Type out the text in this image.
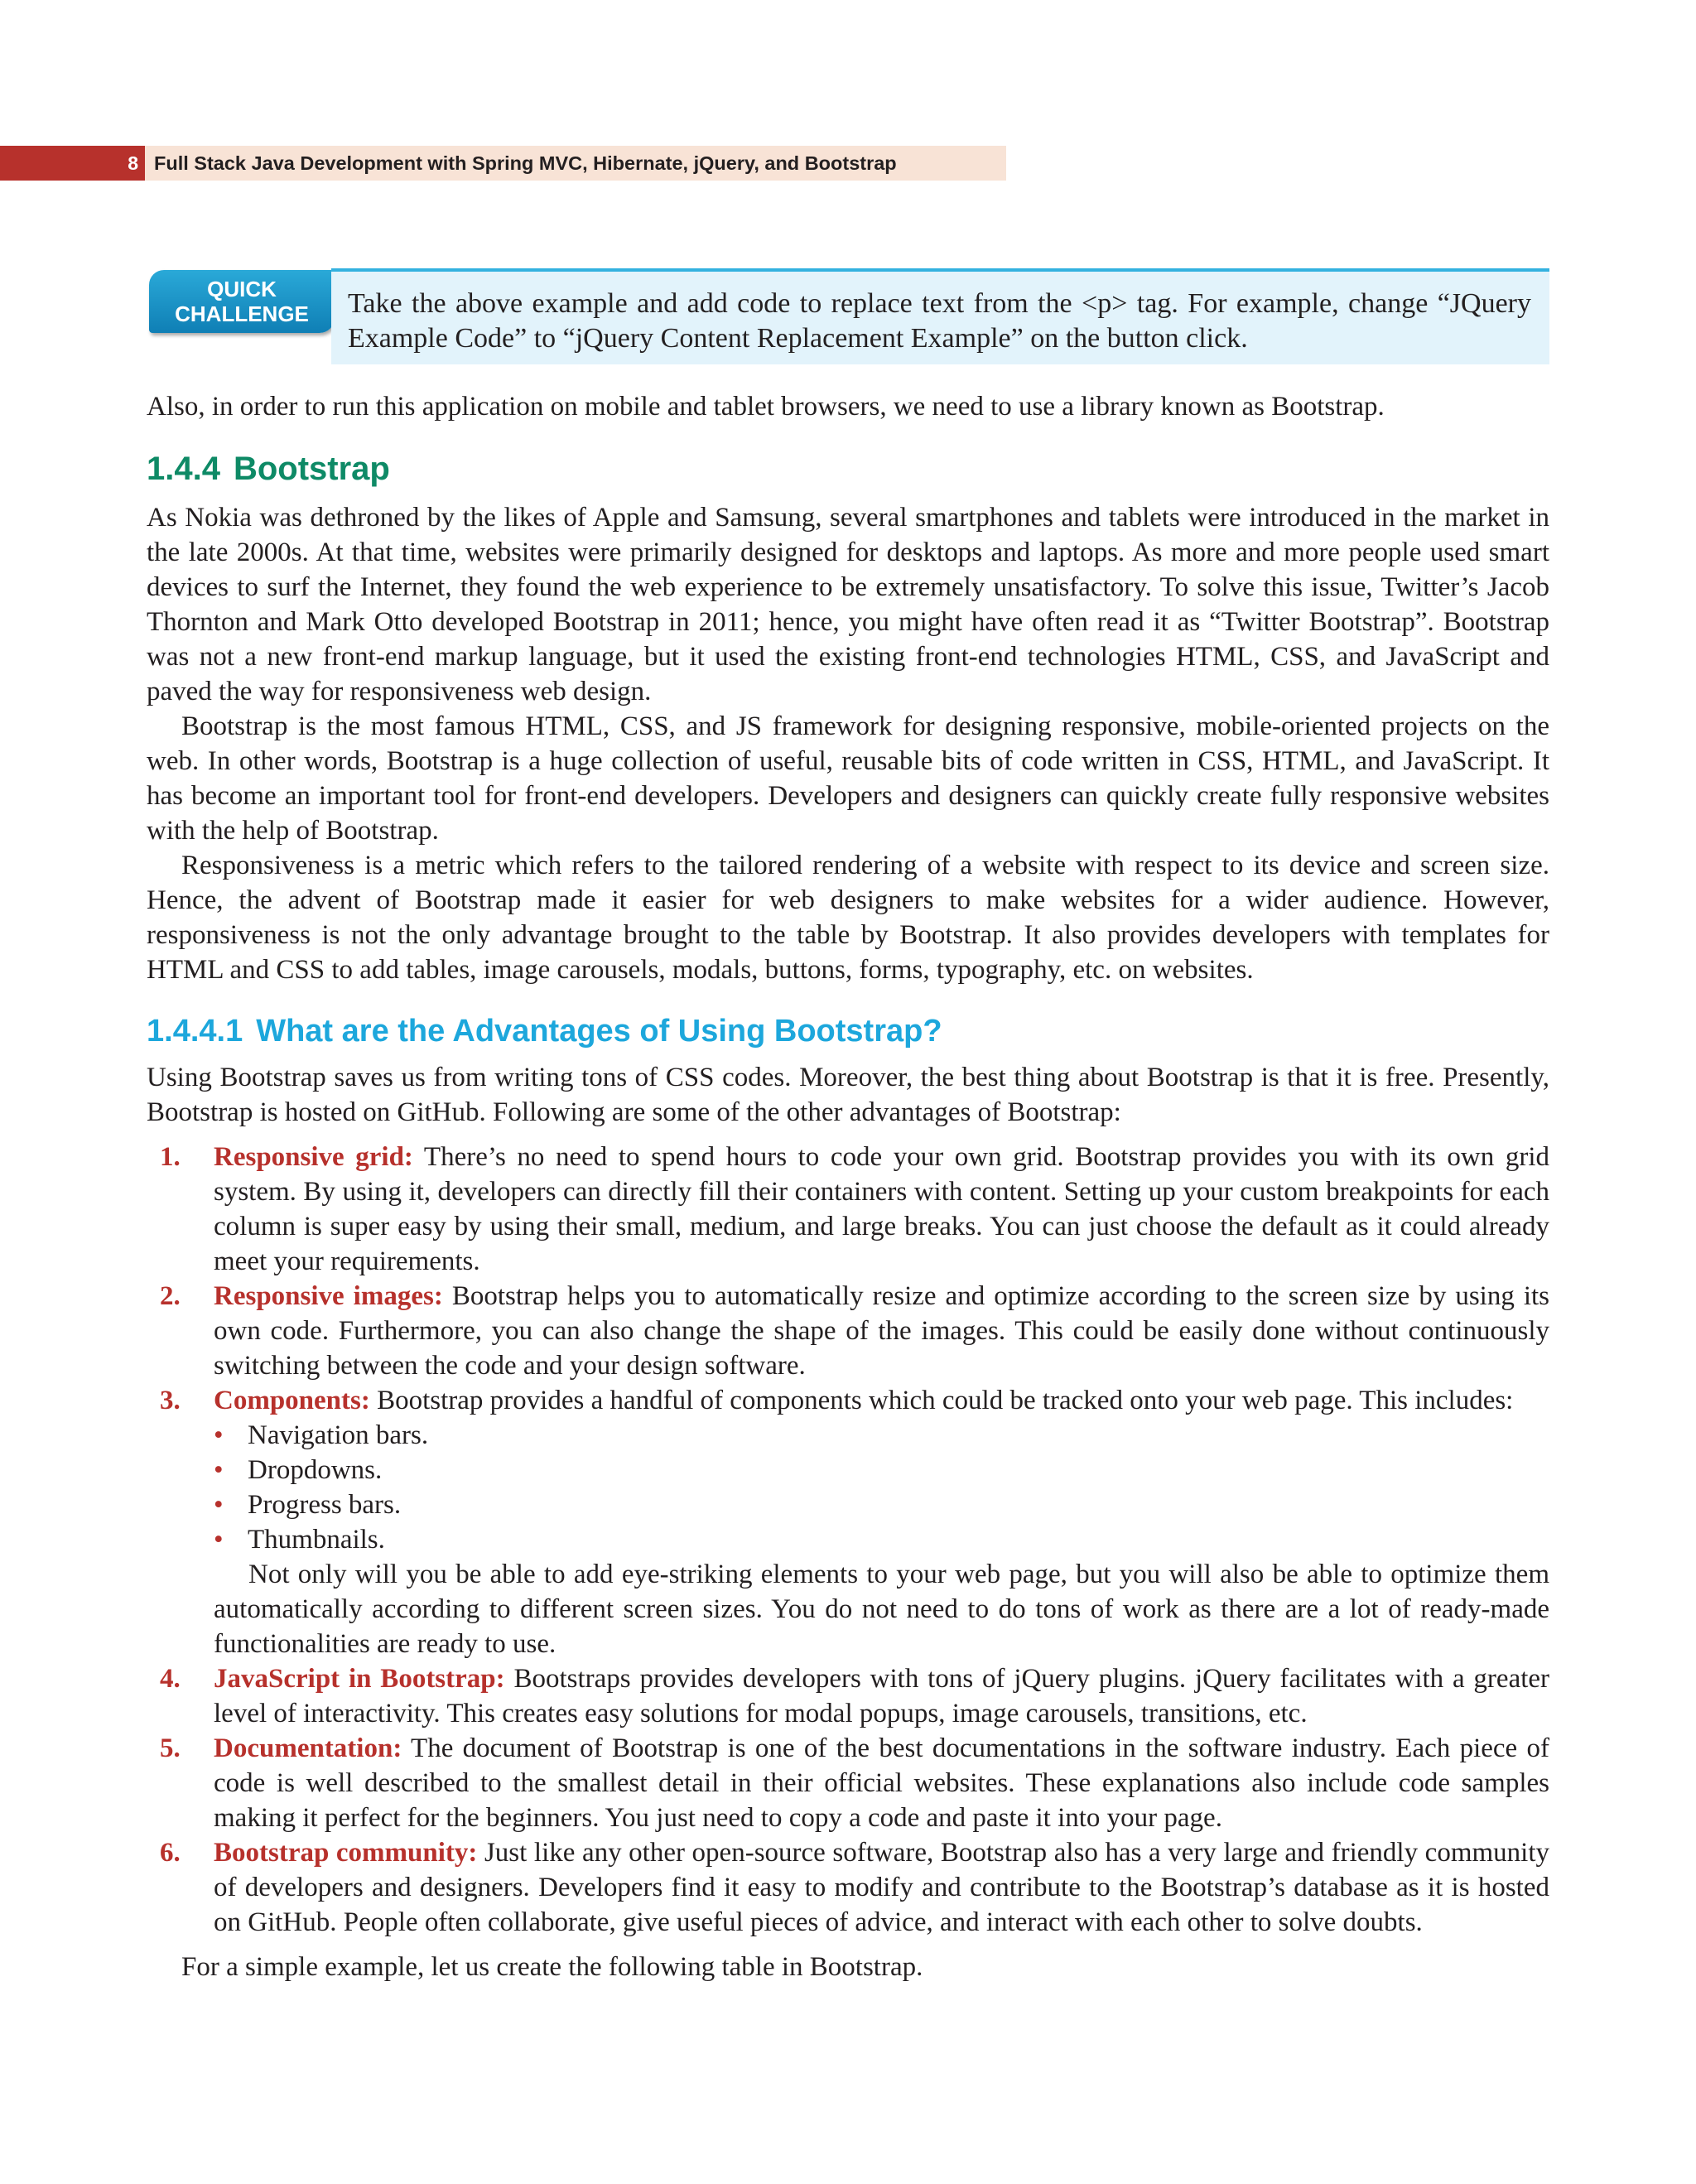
8 Full Stack Java Development with Spring MVC, Hibernate, jQuery, and Bootstrap
QUICK
CHALLENGE	Take the above example and add code to replace text from the <p> tag. For example, change “JQuery Example Code” to “jQuery Content Replacement Example” on the button click.

Also, in order to run this application on mobile and tablet browsers, we need to use a library known as Bootstrap.

1.4.4 Bootstrap

As Nokia was dethroned by the likes of Apple and Samsung, several smartphones and tablets were introduced in the market in the late 2000s. At that time, websites were primarily designed for desktops and laptops. As more and more people used smart devices to surf the Internet, they found the web experience to be extremely unsatisfactory. To solve this issue, Twitter’s Jacob Thornton and Mark Otto developed Bootstrap in 2011; hence, you might have often read it as “Twitter Bootstrap”. Bootstrap was not a new front-end markup language, but it used the existing front-end technologies HTML, CSS, and JavaScript and paved the way for responsiveness web design.

Bootstrap is the most famous HTML, CSS, and JS framework for designing responsive, mobile-oriented projects on the web. In other words, Bootstrap is a huge collection of useful, reusable bits of code written in CSS, HTML, and JavaScript. It has become an important tool for front-end developers. Developers and designers can quickly create fully responsive websites with the help of Bootstrap.

Responsiveness is a metric which refers to the tailored rendering of a website with respect to its device and screen size. Hence, the advent of Bootstrap made it easier for web designers to make websites for a wider audience. However, responsiveness is not the only advantage brought to the table by Bootstrap. It also provides developers with templates for HTML and CSS to add tables, image carousels, modals, buttons, forms, typography, etc. on websites.

1.4.4.1 What are the Advantages of Using Bootstrap?

Using Bootstrap saves us from writing tons of CSS codes. Moreover, the best thing about Bootstrap is that it is free. Presently, Bootstrap is hosted on GitHub. Following are some of the other advantages of Bootstrap:

1. Responsive grid: There’s no need to spend hours to code your own grid. Bootstrap provides you with its own grid system. By using it, developers can directly fill their containers with content. Setting up your custom breakpoints for each column is super easy by using their small, medium, and large breaks. You can just choose the default as it could already meet your requirements.
2. Responsive images: Bootstrap helps you to automatically resize and optimize according to the screen size by using its own code. Furthermore, you can also change the shape of the images. This could be easily done without continuously switching between the code and your design software.
3. Components: Bootstrap provides a handful of components which could be tracked onto your web page. This includes:
• Navigation bars.
• Dropdowns.
• Progress bars.
• Thumbnails.

Not only will you be able to add eye-striking elements to your web page, but you will also be able to optimize them automatically according to different screen sizes. You do not need to do tons of work as there are a lot of ready-made functionalities are ready to use.

4. JavaScript in Bootstrap: Bootstraps provides developers with tons of jQuery plugins. jQuery facilitates with a greater level of interactivity. This creates easy solutions for modal popups, image carousels, transitions, etc.
5. Documentation: The document of Bootstrap is one of the best documentations in the software industry. Each piece of code is well described to the smallest detail in their official websites. These explanations also include code samples making it perfect for the beginners. You just need to copy a code and paste it into your page.
6. Bootstrap community: Just like any other open-source software, Bootstrap also has a very large and friendly community of developers and designers. Developers find it easy to modify and contribute to the Bootstrap’s database as it is hosted on GitHub. People often collaborate, give useful pieces of advice, and interact with each other to solve doubts.

For a simple example, let us create the following table in Bootstrap.
